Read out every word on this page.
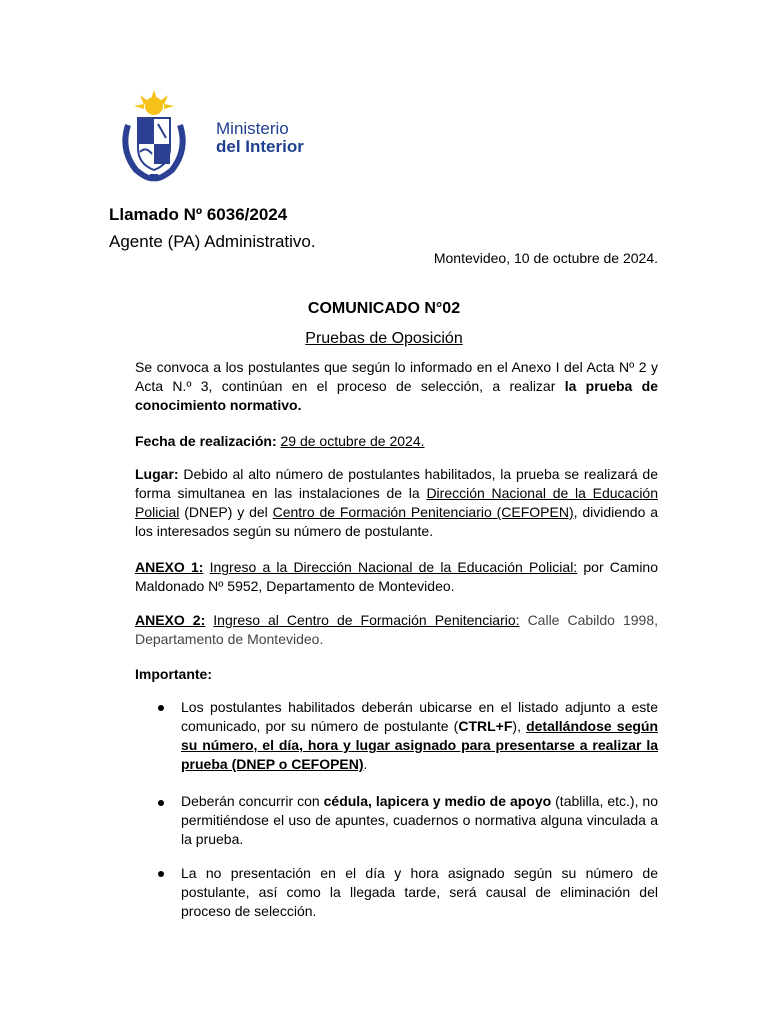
Ministerio
del Interior
Llamado Nº 6036/2024
Agente (PA) Administrativo.
Montevideo, 10 de octubre de 2024.
COMUNICADO N°02
Pruebas de Oposición
Se convoca a los postulantes que según lo informado en el Anexo I del Acta Nº 2 y Acta N.º 3, continúan en el proceso de selección, a realizar la prueba de conocimiento normativo.
Fecha de realización: 29 de octubre de 2024.
Lugar: Debido al alto número de postulantes habilitados, la prueba se realizará de forma simultanea en las instalaciones de la Dirección Nacional de la Educación Policial (DNEP) y del Centro de Formación Penitenciario (CEFOPEN), dividiendo a los interesados según su número de postulante.
ANEXO 1: Ingreso a la Dirección Nacional de la Educación Policial: por Camino Maldonado Nº 5952, Departamento de Montevideo.
ANEXO 2: Ingreso al Centro de Formación Penitenciario: Calle Cabildo 1998, Departamento de Montevideo.
Importante:
Los postulantes habilitados deberán ubicarse en el listado adjunto a este comunicado, por su número de postulante (CTRL+F), detallándose según su número, el día, hora y lugar asignado para presentarse a realizar la prueba (DNEP o CEFOPEN).
Deberán concurrir con cédula, lapicera y medio de apoyo (tablilla, etc.), no permitiéndose el uso de apuntes, cuadernos o normativa alguna vinculada a la prueba.
La no presentación en el día y hora asignado según su número de postulante, así como la llegada tarde, será causal de eliminación del proceso de selección.
